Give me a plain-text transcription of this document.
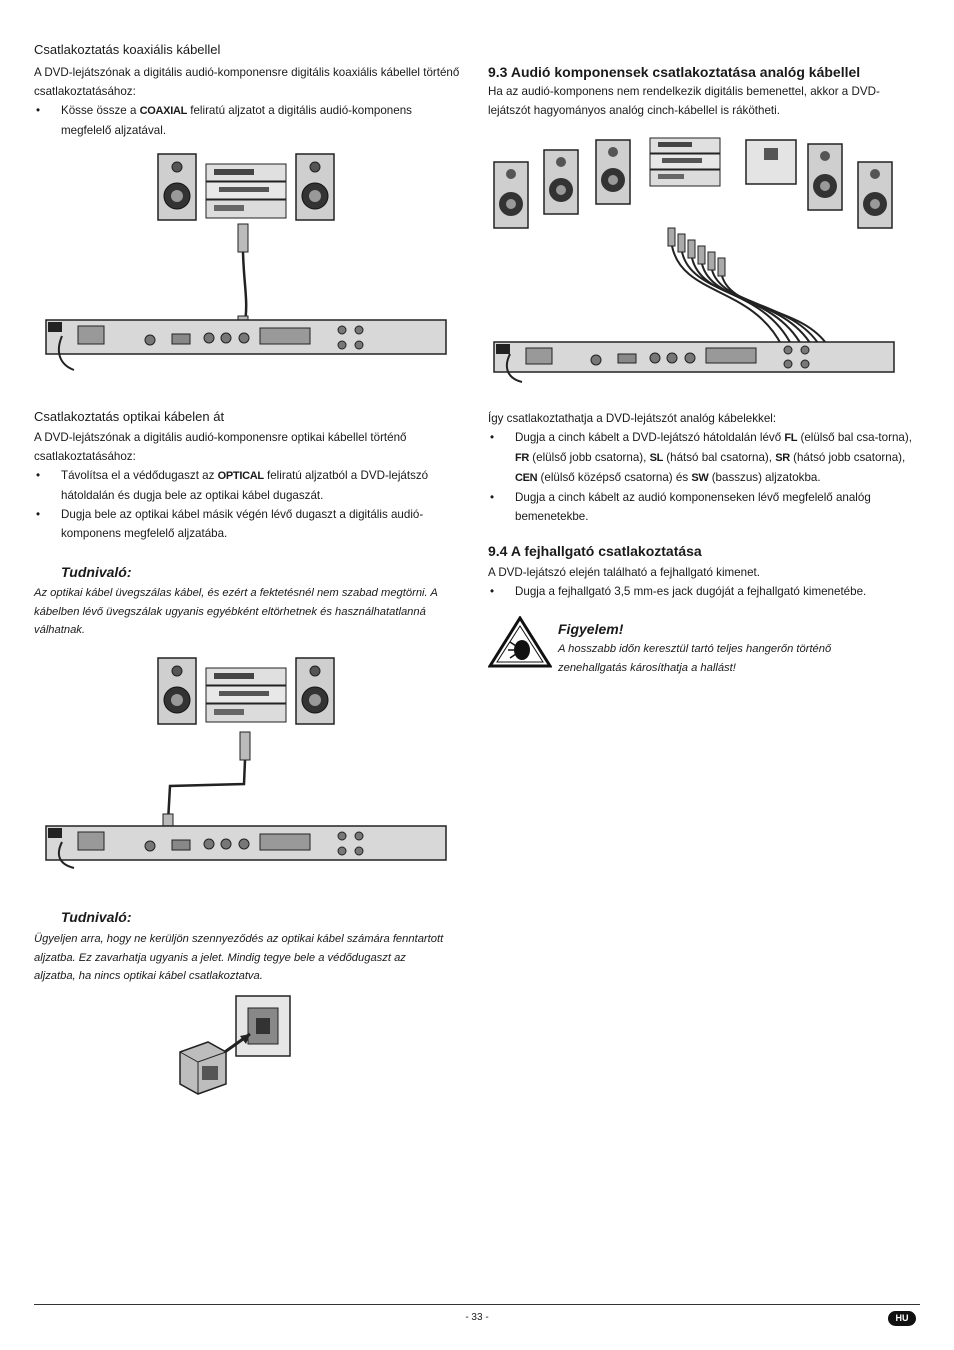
Csatlakoztatás koaxiális kábellel

A DVD-lejátszónak a digitális audió-komponensre digitális koaxiális kábellel történő csatlakoztatásához:

• Kösse össze a COAXIAL feliratú aljzatot a digitális audió-komponens megfelelő aljzatával.
Csatlakoztatás optikai kábelen át

A DVD-lejátszónak a digitális audió-komponensre optikai kábellel történő csatlakoztatásához:

• Távolítsa el a védődugaszt az OPTICAL feliratú aljzatból a DVD-lejátszó hátoldalán és dugja bele az optikai kábel dugaszát.
• Dugja bele az optikai kábel másik végén lévő dugaszt a digitális audió-komponens megfelelő aljzatába.
Tudnivaló:

Az optikai kábel üvegszálas kábel, és ezért a fektetésnél nem szabad megtörni. A kábelben lévő üvegszálak ugyanis egyébként eltörhetnek és használhatatlanná válhatnak.

Tudnivaló:

Ügyeljen arra, hogy ne kerüljön szennyeződés az optikai kábel számára fenntartott aljzatba. Ez zavarhatja ugyanis a jelet. Mindig tegye bele a védődugaszt az aljzatba, ha nincs optikai kábel csatlakoztatva.

9.3 Audió komponensek csatlakoztatása analóg kábellel

Ha az audió-komponens nem rendelkezik digitális bemenettel, akkor a DVD-lejátszót hagyományos analóg cinch-kábellel is rákötheti.

Így csatlakoztathatja a DVD-lejátszót analóg kábelekkel:

• Dugja a cinch kábelt a DVD-lejátszó hátoldalán lévő FL (elülső bal csa-torna), FR (elülső jobb csatorna), SL (hátsó bal csatorna), SR (hátsó jobb csatorna), CEN (elülső középső csatorna) és SW (basszus) aljzatokba.
• Dugja a cinch kábelt az audió komponenseken lévő megfelelő analóg bemenetekbe.
9.4 A fejhallgató csatlakoztatása

A DVD-lejátszó elején található a fejhallgató kimenet.

• Dugja a fejhallgató 3,5 mm-es jack dugóját a fejhallgató kimenetébe.
Figyelem!

A hosszabb időn keresztül tartó teljes hangerőn történő zenehallgatás károsíthatja a hallást!

- 33 -	HU
